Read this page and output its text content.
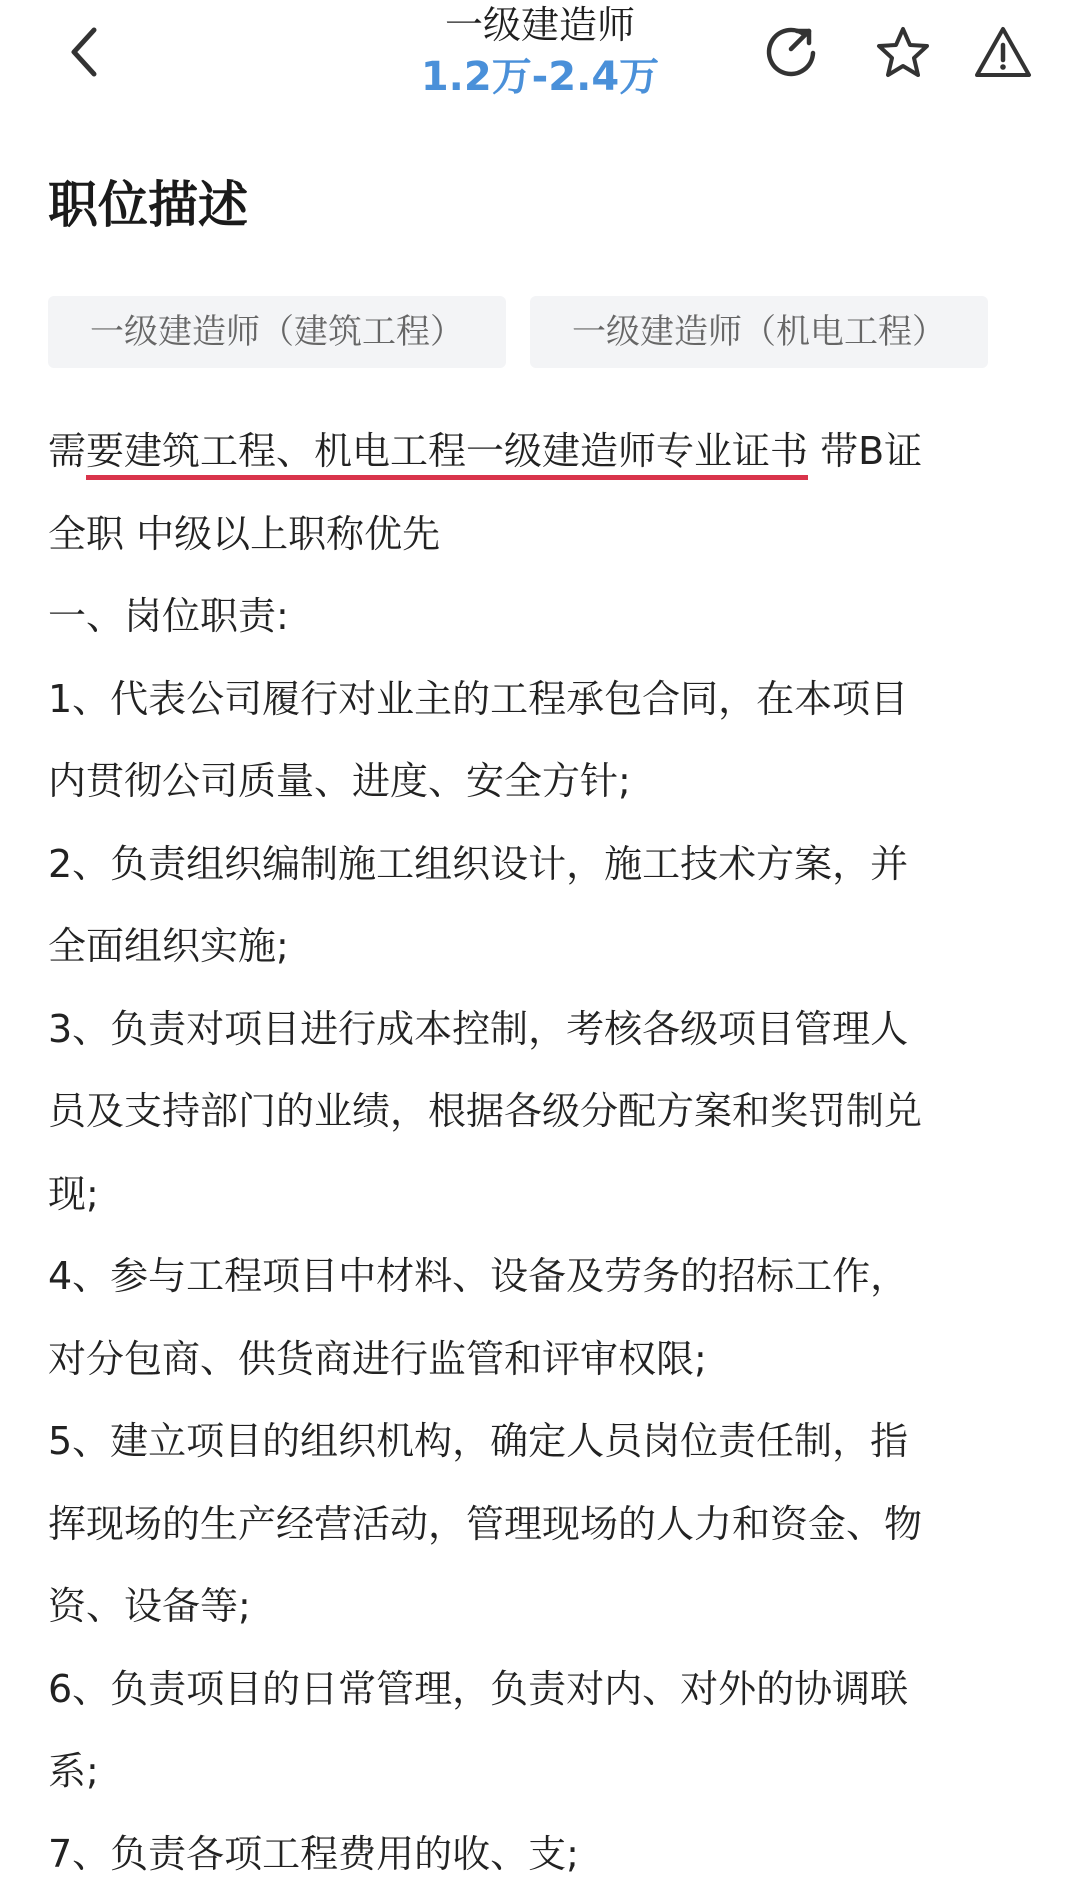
一级建造师
1.2万-2.4万
职位描述
一级建造师（建筑工程）	一级建造师（机电工程）
需要建筑工程、机电工程一级建造师专业证书 带B证
全职 中级以上职称优先
一、岗位职责:
1、代表公司履行对业主的工程承包合同，在本项目
内贯彻公司质量、进度、安全方针;
2、负责组织编制施工组织设计，施工技术方案，并
全面组织实施;
3、负责对项目进行成本控制，考核各级项目管理人
员及支持部门的业绩，根据各级分配方案和奖罚制兑
现;
4、参与工程项目中材料、设备及劳务的招标工作，
对分包商、供货商进行监管和评审权限;
5、建立项目的组织机构，确定人员岗位责任制，指
挥现场的生产经营活动，管理现场的人力和资金、物
资、设备等;
6、负责项目的日常管理，负责对内、对外的协调联
系;
7、负责各项工程费用的收、支;
